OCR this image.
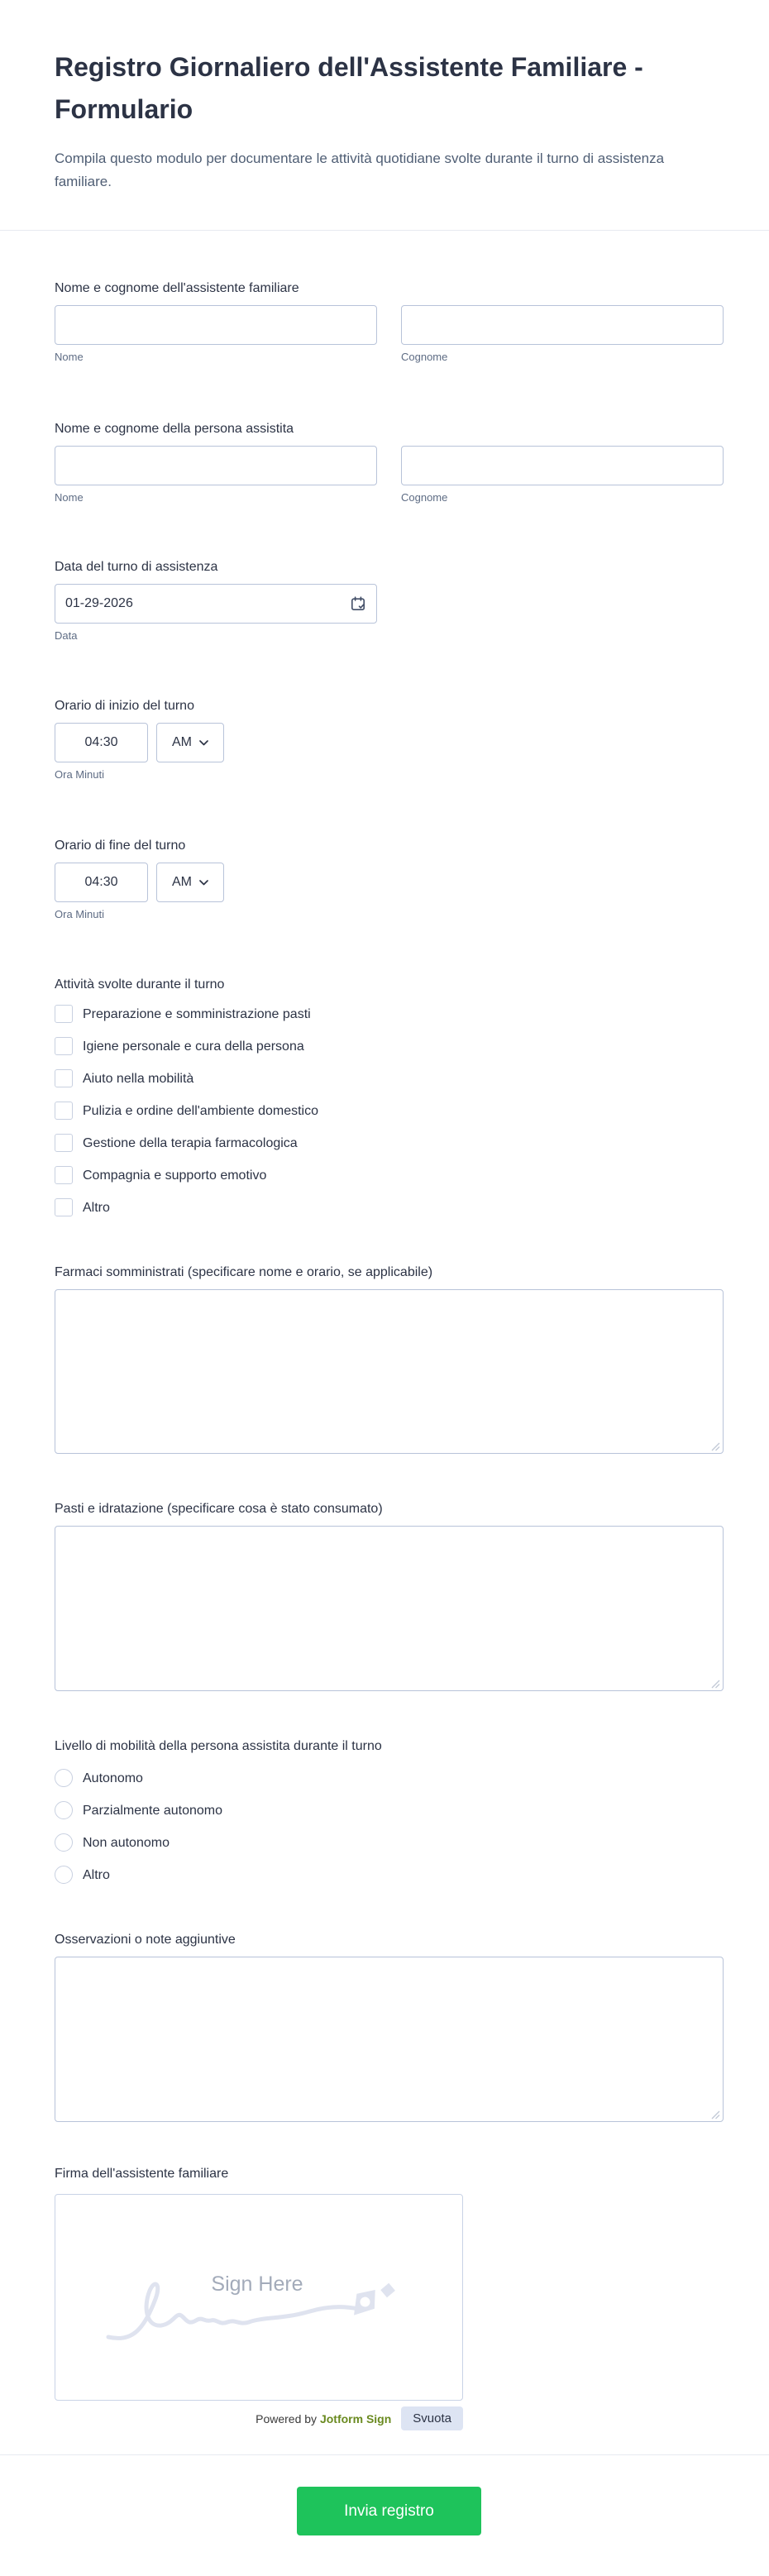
Registro Giornaliero dell'Assistente Familiare - Formulario

Compila questo modulo per documentare le attività quotidiane svolte durante il turno di assistenza familiare.

Nome e cognome dell'assistente familiare
Nome	Cognome
Nome e cognome della persona assistita
Nome	Cognome
Data del turno di assistenza
01-29-2026
Data
Orario di inizio del turno
04:30
AM
Ora Minuti
Orario di fine del turno
04:30
AM
Ora Minuti
Attività svolte durante il turno
Preparazione e somministrazione pasti
Igiene personale e cura della persona
Aiuto nella mobilità
Pulizia e ordine dell'ambiente domestico
Gestione della terapia farmacologica
Compagnia e supporto emotivo
Altro
Farmaci somministrati (specificare nome e orario, se applicabile)
Pasti e idratazione (specificare cosa è stato consumato)
Livello di mobilità della persona assistita durante il turno
Autonomo
Parzialmente autonomo
Non autonomo
Altro
Osservazioni o note aggiuntive
Firma dell'assistente familiare
Sign Here
Powered by Jotform Sign	Svuota
Invia registro
